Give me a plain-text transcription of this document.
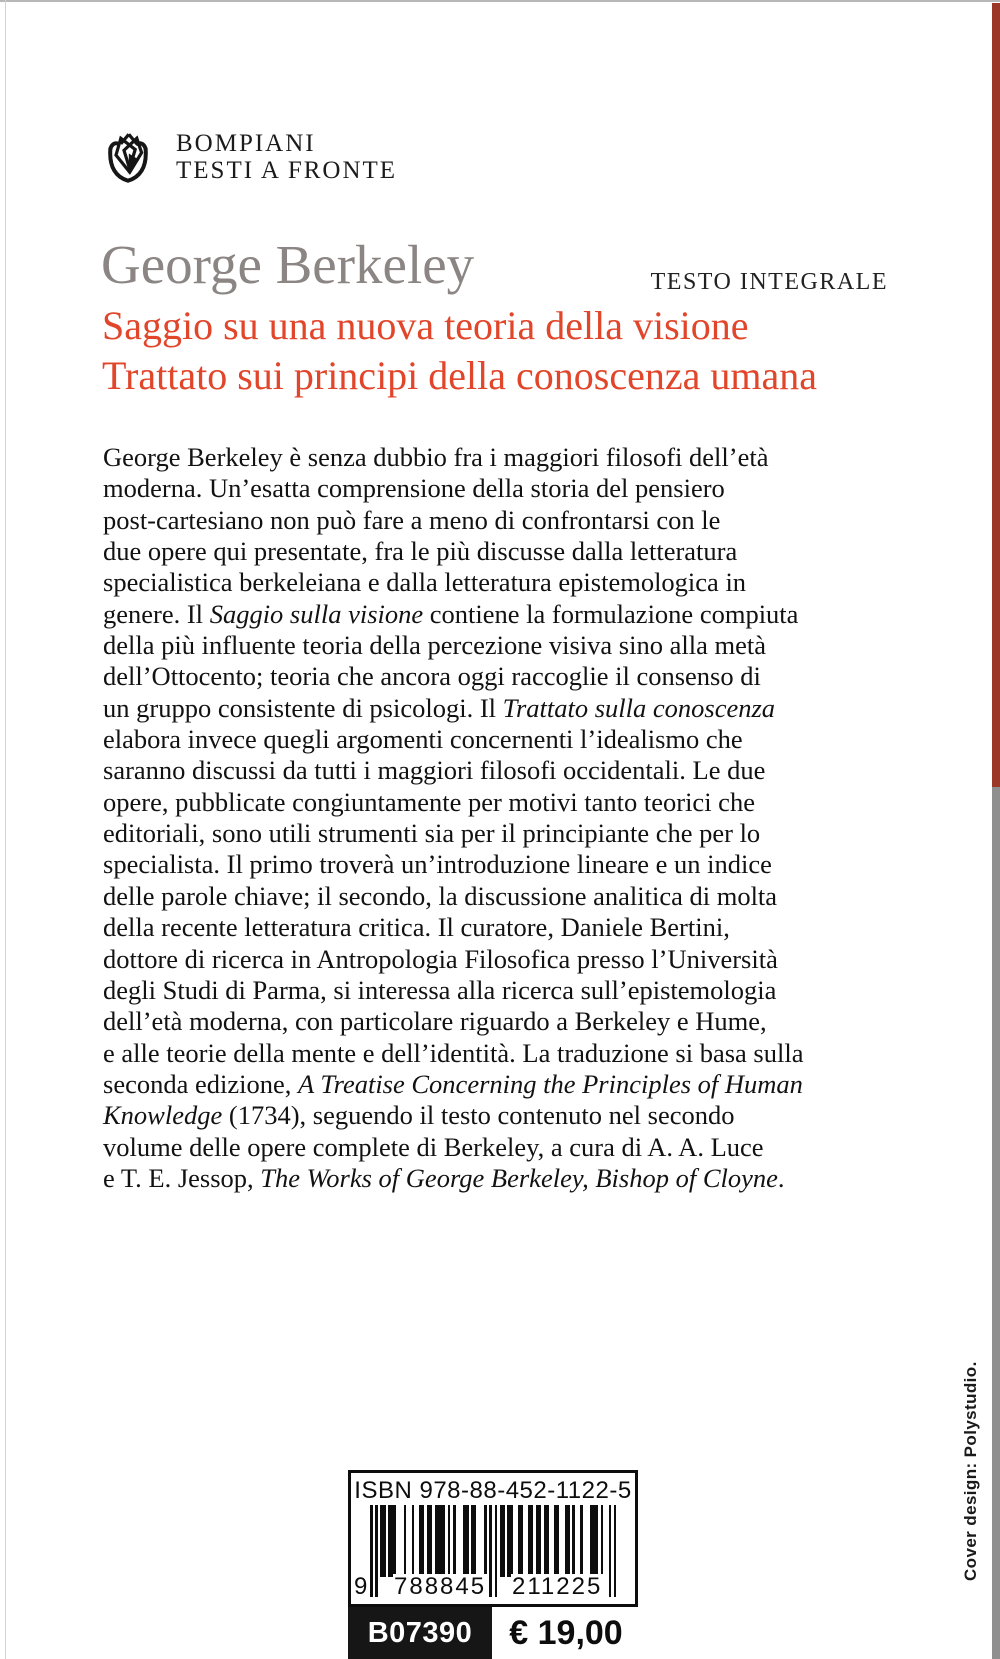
BOMPIANI
TESTI A FRONTE
George Berkeley	TESTO INTEGRALE
Saggio su una nuova teoria della visione
Trattato sui principi della conoscenza umana
George Berkeley è senza dubbio fra i maggiori filosofi dell’età
moderna. Un’esatta comprensione della storia del pensiero
post-cartesiano non può fare a meno di confrontarsi con le
due opere qui presentate, fra le più discusse dalla letteratura
specialistica berkeleiana e dalla letteratura epistemologica in
genere. Il Saggio sulla visione contiene la formulazione compiuta
della più influente teoria della percezione visiva sino alla metà
dell’Ottocento; teoria che ancora oggi raccoglie il consenso di
un gruppo consistente di psicologi. Il Trattato sulla conoscenza
elabora invece quegli argomenti concernenti l’idealismo che
saranno discussi da tutti i maggiori filosofi occidentali. Le due
opere, pubblicate congiuntamente per motivi tanto teorici che
editoriali, sono utili strumenti sia per il principiante che per lo
specialista. Il primo troverà un’introduzione lineare e un indice
delle parole chiave; il secondo, la discussione analitica di molta
della recente letteratura critica. Il curatore, Daniele Bertini,
dottore di ricerca in Antropologia Filosofica presso l’Università
degli Studi di Parma, si interessa alla ricerca sull’epistemologia
dell’età moderna, con particolare riguardo a Berkeley e Hume,
e alle teorie della mente e dell’identità. La traduzione si basa sulla
seconda edizione, A Treatise Concerning the Principles of Human
Knowledge (1734), seguendo il testo contenuto nel secondo
volume delle opere complete di Berkeley, a cura di A. A. Luce
e T. E. Jessop, The Works of George Berkeley, Bishop of Cloyne.
ISBN 978-88-452-1122-5
9 788845 211225
B07390	€ 19,00
Cover design: Polystudio.
